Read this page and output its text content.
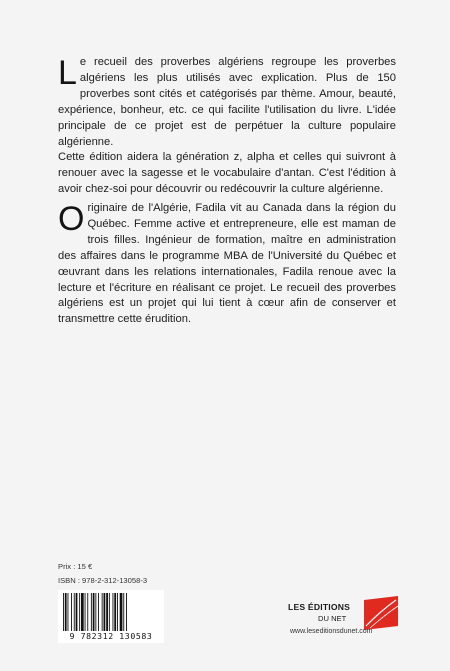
L e recueil des proverbes algériens regroupe les proverbes algériens les plus utilisés avec explication. Plus de 150 proverbes sont cités et catégorisés par thème. Amour, beauté, expérience, bonheur, etc. ce qui facilite l'utilisation du livre. L'idée principale de ce projet est de perpétuer la culture populaire algérienne.

Cette édition aidera la génération z, alpha et celles qui suivront à renouer avec la sagesse et le vocabulaire d'antan. C'est l'édition à avoir chez-soi pour découvrir ou redécouvrir la culture algérienne.

O riginaire de l'Algérie, Fadila vit au Canada dans la région du Québec. Femme active et entrepreneure, elle est maman de trois filles. Ingénieur de formation, maître en administration des affaires dans le programme MBA de l'Université du Québec et œuvrant dans les relations internationales, Fadila renoue avec la lecture et l'écriture en réalisant ce projet. Le recueil des proverbes algériens est un projet qui lui tient à cœur afin de conserver et transmettre cette érudition.

Prix : 15 €
ISBN : 978-2-312-13058-3
9 782312 130583
LES ÉDITIONS
DU NET
www.leseditionsdunet.com
